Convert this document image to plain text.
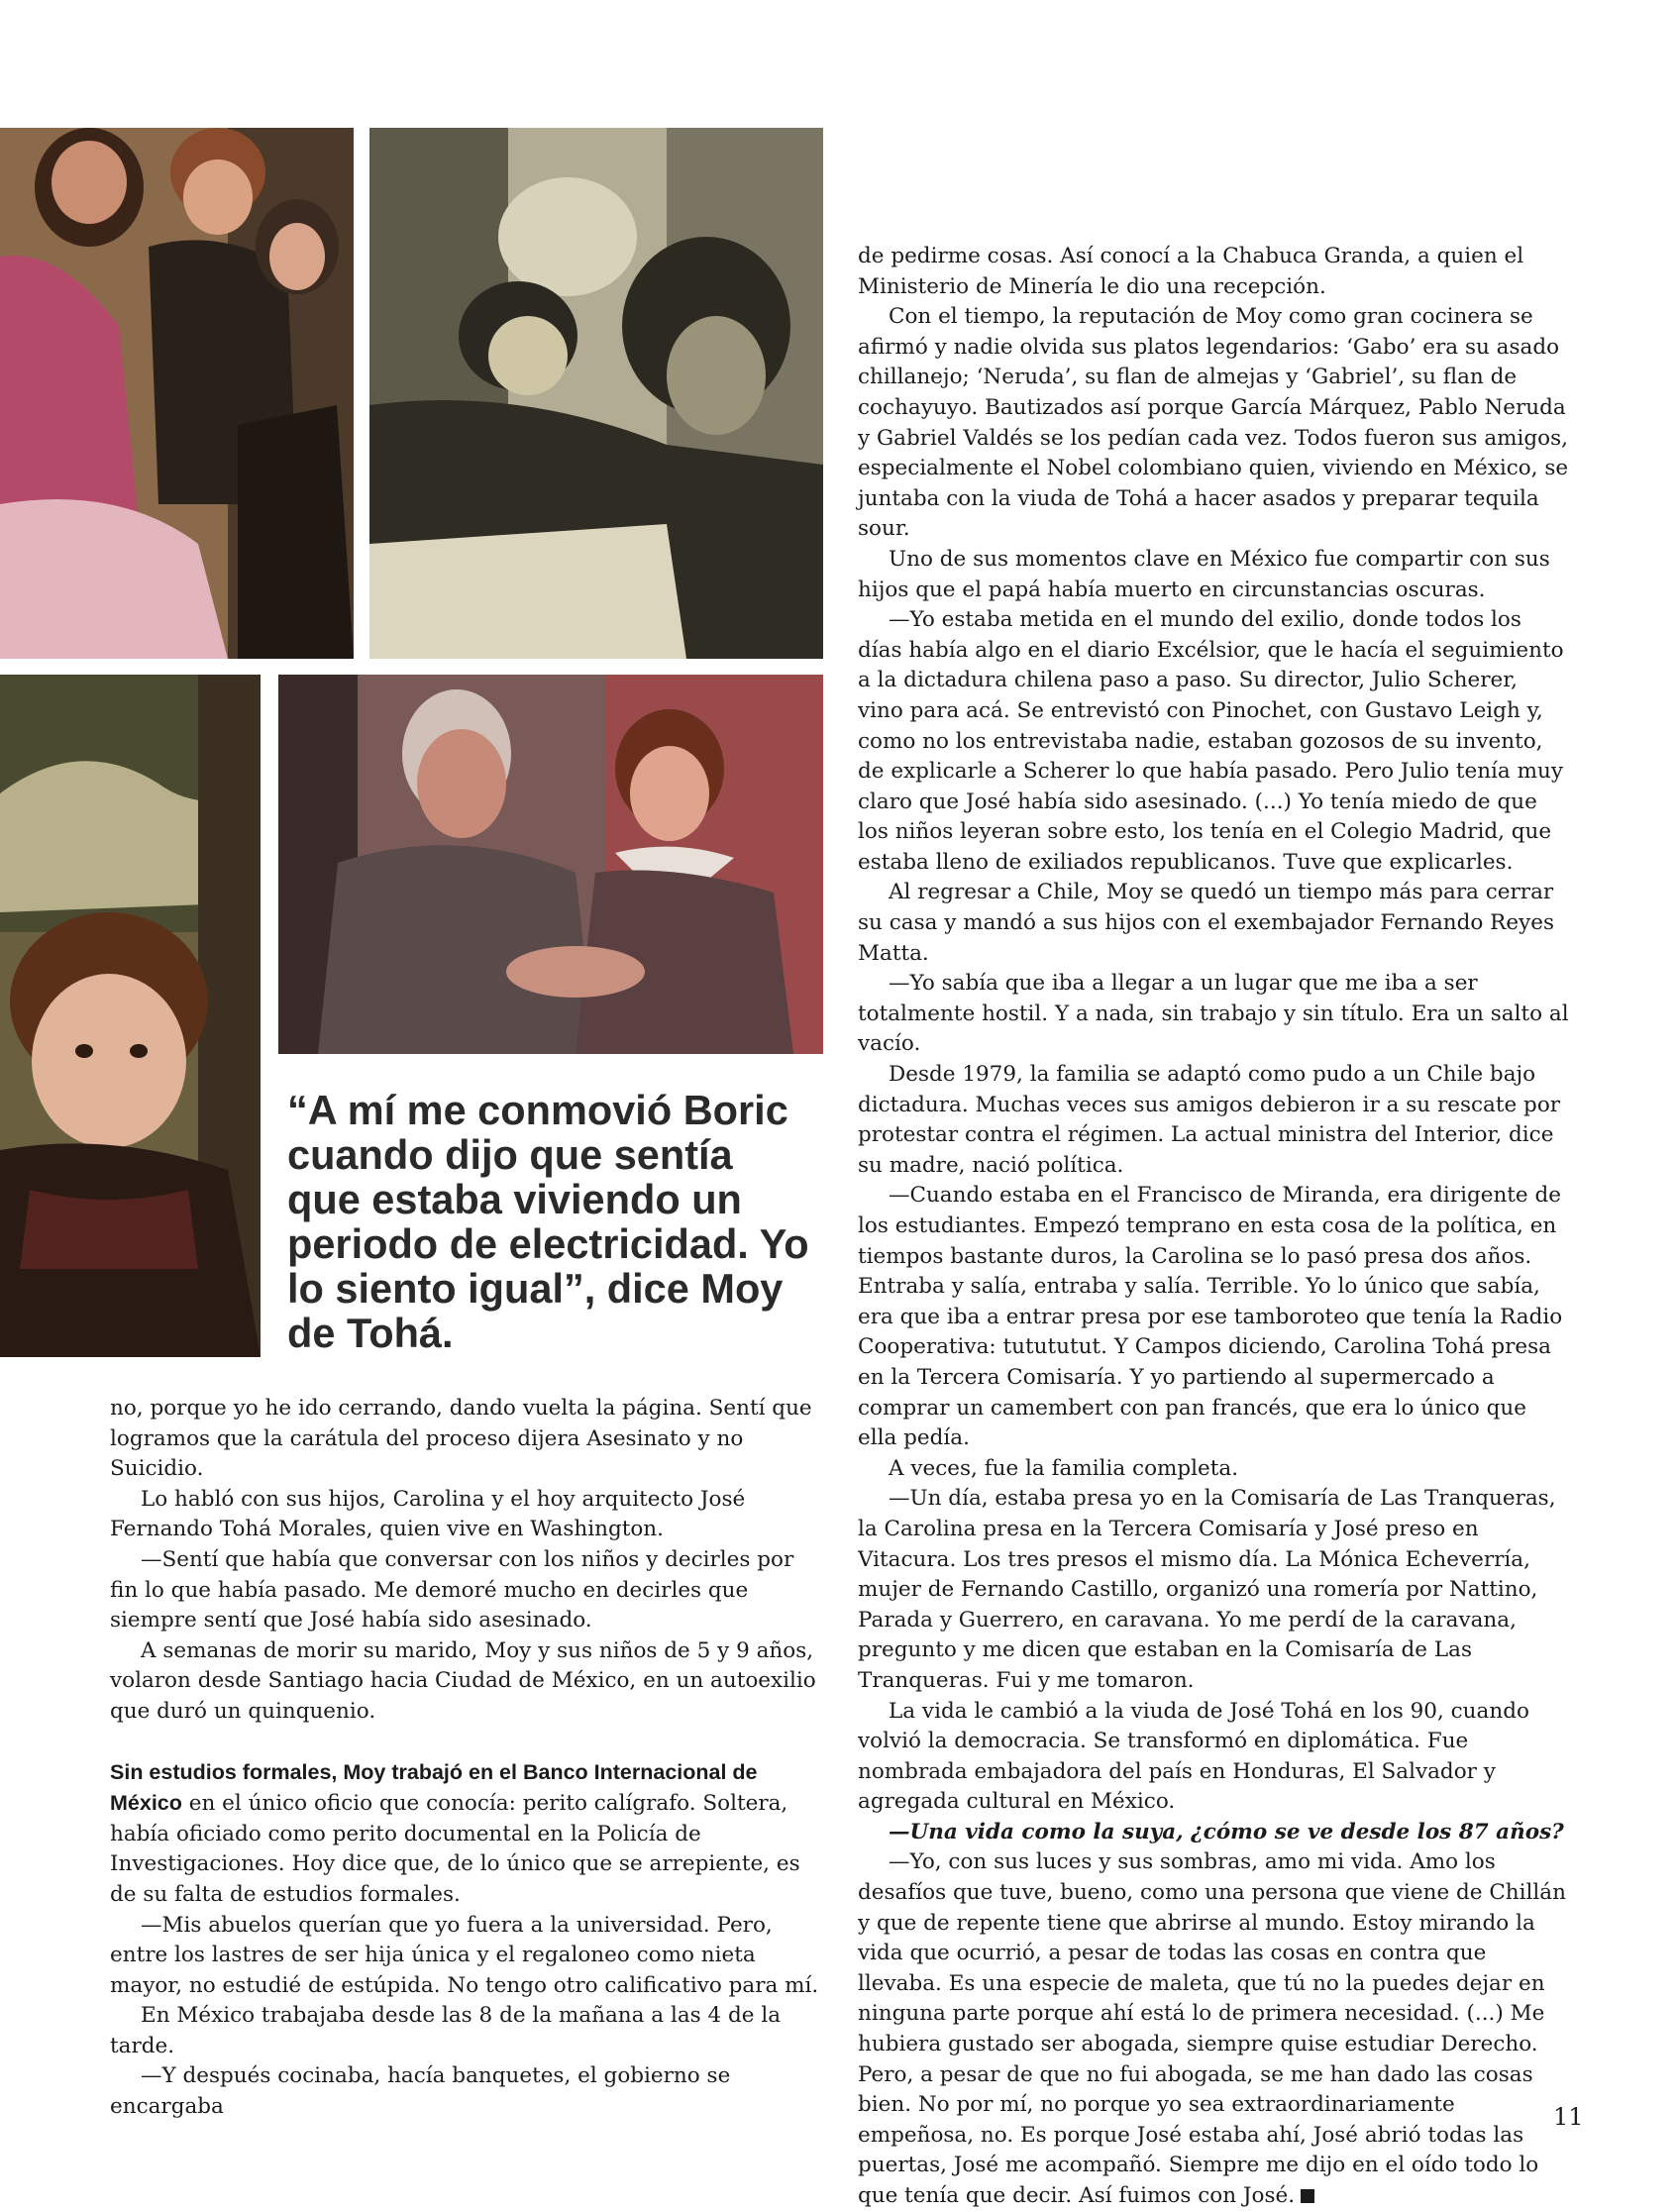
“A mí me conmovió Boric cuando dijo que sentía que estaba viviendo un periodo de electricidad. Yo lo siento igual”, dice Moy de Tohá.

no, porque yo he ido cerrando, dando vuelta la página. Sentí que logramos que la carátula del proceso dijera Asesinato y no Suicidio.

Lo habló con sus hijos, Carolina y el hoy arquitecto José Fernando Tohá Morales, quien vive en Washington.

—Sentí que había que conversar con los niños y decirles por fin lo que había pasado. Me demoré mucho en decirles que siempre sentí que José había sido asesinado.

A semanas de morir su marido, Moy y sus niños de 5 y 9 años, volaron desde Santiago hacia Ciudad de México, en un autoexilio que duró un quinquenio.

Sin estudios formales, Moy trabajó en el Banco Internacional de México en el único oficio que conocía: perito calígrafo. Soltera, había oficiado como perito documental en la Policía de Investigaciones. Hoy dice que, de lo único que se arrepiente, es de su falta de estudios formales.

—Mis abuelos querían que yo fuera a la universidad. Pero, entre los lastres de ser hija única y el regaloneo como nieta mayor, no estudié de estúpida. No tengo otro calificativo para mí.

En México trabajaba desde las 8 de la mañana a las 4 de la tarde.

—Y después cocinaba, hacía banquetes, el gobierno se encargaba

de pedirme cosas. Así conocí a la Chabuca Granda, a quien el Ministerio de Minería le dio una recepción.

Con el tiempo, la reputación de Moy como gran cocinera se afirmó y nadie olvida sus platos legendarios: ‘Gabo’ era su asado chillanejo; ‘Neruda’, su flan de almejas y ‘Gabriel’, su flan de cochayuyo. Bautizados así porque García Márquez, Pablo Neruda y Gabriel Valdés se los pedían cada vez. Todos fueron sus amigos, especialmente el Nobel colombiano quien, viviendo en México, se juntaba con la viuda de Tohá a hacer asados y preparar tequila sour.

Uno de sus momentos clave en México fue compartir con sus hijos que el papá había muerto en circunstancias oscuras.

—Yo estaba metida en el mundo del exilio, donde todos los días había algo en el diario Excélsior, que le hacía el seguimiento a la dictadura chilena paso a paso. Su director, Julio Scherer, vino para acá. Se entrevistó con Pinochet, con Gustavo Leigh y, como no los entrevistaba nadie, estaban gozosos de su invento, de explicarle a Scherer lo que había pasado. Pero Julio tenía muy claro que José había sido asesinado. (...) Yo tenía miedo de que los niños leyeran sobre esto, los tenía en el Colegio Madrid, que estaba lleno de exiliados republicanos. Tuve que explicarles.

Al regresar a Chile, Moy se quedó un tiempo más para cerrar su casa y mandó a sus hijos con el exembajador Fernando Reyes Matta.

—Yo sabía que iba a llegar a un lugar que me iba a ser totalmente hostil. Y a nada, sin trabajo y sin título. Era un salto al vacío.

Desde 1979, la familia se adaptó como pudo a un Chile bajo dictadura. Muchas veces sus amigos debieron ir a su rescate por protestar contra el régimen. La actual ministra del Interior, dice su madre, nació política.

—Cuando estaba en el Francisco de Miranda, era dirigente de los estudiantes. Empezó temprano en esta cosa de la política, en tiempos bastante duros, la Carolina se lo pasó presa dos años. Entraba y salía, entraba y salía. Terrible. Yo lo único que sabía, era que iba a entrar presa por ese tamboroteo que tenía la Radio Cooperativa: tutututut. Y Campos diciendo, Carolina Tohá presa en la Tercera Comisaría. Y yo partiendo al supermercado a comprar un camembert con pan francés, que era lo único que ella pedía.

A veces, fue la familia completa.

—Un día, estaba presa yo en la Comisaría de Las Tranqueras, la Carolina presa en la Tercera Comisaría y José preso en Vitacura. Los tres presos el mismo día. La Mónica Echeverría, mujer de Fernando Castillo, organizó una romería por Nattino, Parada y Guerrero, en caravana. Yo me perdí de la caravana, pregunto y me dicen que estaban en la Comisaría de Las Tranqueras. Fui y me tomaron.

La vida le cambió a la viuda de José Tohá en los 90, cuando volvió la democracia. Se transformó en diplomática. Fue nombrada embajadora del país en Honduras, El Salvador y agregada cultural en México.

—Una vida como la suya, ¿cómo se ve desde los 87 años?

—Yo, con sus luces y sus sombras, amo mi vida. Amo los desafíos que tuve, bueno, como una persona que viene de Chillán y que de repente tiene que abrirse al mundo. Estoy mirando la vida que ocurrió, a pesar de todas las cosas en contra que llevaba. Es una especie de maleta, que tú no la puedes dejar en ninguna parte porque ahí está lo de primera necesidad. (...) Me hubiera gustado ser abogada, siempre quise estudiar Derecho. Pero, a pesar de que no fui abogada, se me han dado las cosas bien. No por mí, no porque yo sea extraordinariamente empeñosa, no. Es porque José estaba ahí, José abrió todas las puertas, José me acompañó. Siempre me dijo en el oído todo lo que tenía que decir. Así fuimos con José.

11
